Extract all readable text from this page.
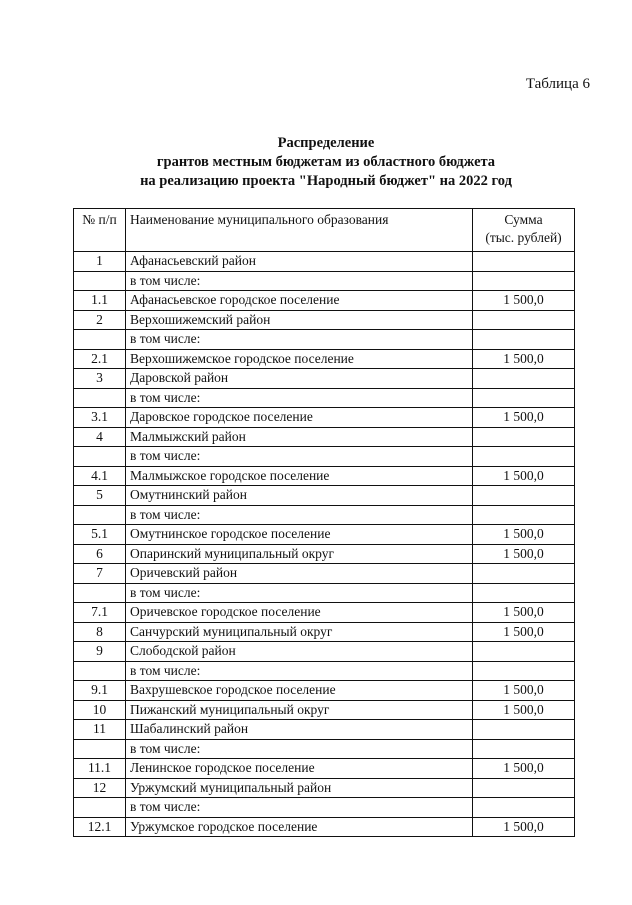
Таблица 6
Распределение
грантов местным бюджетам из областного бюджета
на реализацию проекта "Народный бюджет" на 2022 год
№ п/п	Наименование муниципального образования	Сумма
(тыс. рублей)

1	Афанасьевский район	
	в том числе:	
1.1	Афанасьевское городское поселение	1 500,0
2	Верхошижемский район	
	в том числе:	
2.1	Верхошижемское городское поселение	1 500,0
3	Даровской район	
	в том числе:	
3.1	Даровское городское поселение	1 500,0
4	Малмыжский район	
	в том числе:	
4.1	Малмыжское городское поселение	1 500,0
5	Омутнинский район	
	в том числе:	
5.1	Омутнинское городское поселение	1 500,0
6	Опаринский муниципальный округ	1 500,0
7	Оричевский район	
	в том числе:	
7.1	Оричевское городское поселение	1 500,0
8	Санчурский муниципальный округ	1 500,0
9	Слободской район	
	в том числе:	
9.1	Вахрушевское городское поселение	1 500,0
10	Пижанский муниципальный округ	1 500,0
11	Шабалинский район	
	в том числе:	
11.1	Ленинское городское поселение	1 500,0
12	Уржумский муниципальный район	
	в том числе:	
12.1	Уржумское городское поселение	1 500,0
